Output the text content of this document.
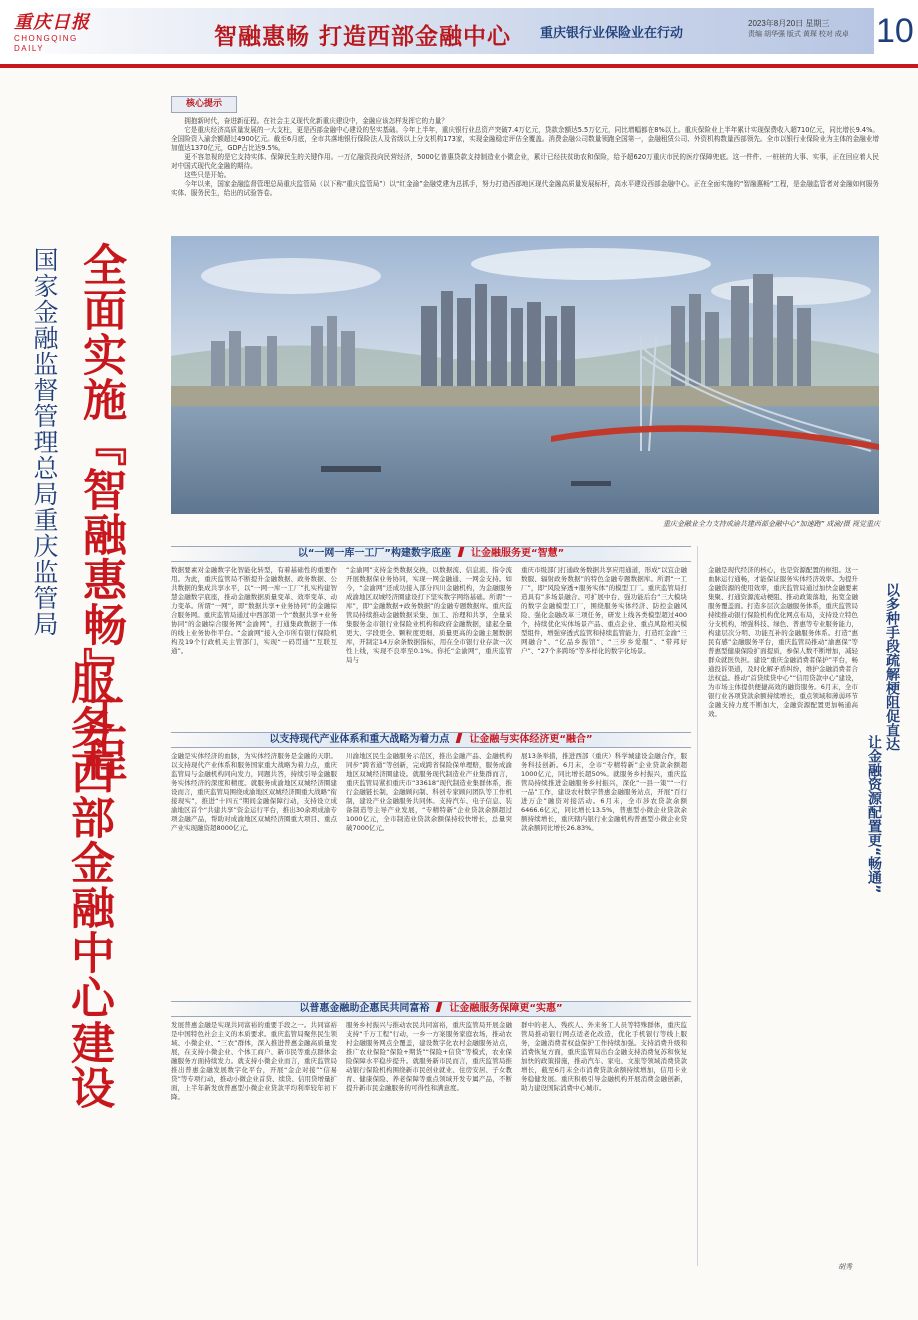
重庆日报
CHONGQING DAILY	智融惠畅 打造西部金融中心 重庆银行业保险业在行动
2023年8月20日 星期三
责编 胡华强 版式 黄琛 校对 成卓 10
全面实施『智融惠畅』工程
服务西部金融中心建设
国家金融监督管理总局重庆监管局
核心提示

拥抱新时代，奋进新征程。在社会主义现代化新重庆建设中，金融应该怎样发挥它的力量？

它是重庆经济高质量发展的一大支柱，更是西部金融中心建设的坚实基础。今年上半年，重庆银行业总资产突破7.4万亿元，贷款余额达5.5万亿元，同比增幅都在8%以上。重庆保险业上半年累计实现保费收入超710亿元，同比增长9.4%。全国险资入渝余额超过4900亿元。截至6月底，全市共落地银行保险法人及省级以上分支机构173家，实现金融稳定评估全覆盖。消费金融公司数量领跑全国第一，金融租赁公司、外资机构数量西部领先。全市以银行业保险业为主体的金融业增加值达1370亿元，GDP占比达9.5%。

更不容忽视的是它支持实体、保障民生的关键作用。一万亿融资投向民营经济，5000亿普惠贷款支持制造业小微企业，累计已经扶贫助农和保险，给予超620万重庆市民的医疗保障兜底。这一件件、一桩桩的大事、实事，正在回应着人民对中国式现代化金融的期待。

这些只是开始。

今年以来，国家金融监督管理总局重庆监管局（以下称“重庆监管局”）以“红金渝”金融党建为总抓手，努力打造西部地区现代金融高质量发展标杆，高水平建设西部金融中心。正在全面实施的“智融惠畅”工程，是金融监管者对金融如何服务实体、服务民生，给出的试验答卷。

重庆金融业全力支持成渝共建西部金融中心“加速跑” 成渝/摄 视觉重庆
以“一网一库一工厂”构建数字底座 让金融服务更“智慧”
数据要素对金融数字化智能化转型，有着基础性的重要作用。为此，重庆监管局不断提升金融数据、政务数据、公共数据的集成共享水平，以“一网一库一工厂”扎实构建智慧金融数字底座，推动金融数据质量变革、效率变革、动力变革。所谓“一网”，即“数据共享+业务协同”的金融综合服务网。重庆监管局通过中西部第一个“数据共享+业务协同”的金融综合服务网“金渝网”，打通集政数据于一体的线上业务协作平台。“金渝网”接入全市所有银行保险机构及19个行政机关主管部门，实现“一码贯通”“互联互通”。
“金渝网”支持金类数据交换，以数据流、信息流、指令流开展数据保业务协同，实现一网金融通、一网金支持。如今，“金渝网”还成功接入部分四川金融机构，为金融服务成渝地区双城经济圈建设打下坚实数字网络基础。所谓“一库”，即“金融数据+政务数据”的金融专题数据库。重庆监管局持续推动金融数据采集、加工、治理和共享，全量采集服务金市银行业保险业机构和政府金融数据，建起全量更大、字段更全、颗粒度更细、质量更高的金融主题数据库，开制定14万余条数据指标，用在全市银行业存款一次性上线，实现不良率至0.1%。你托“金渝网”，重庆监管局与
重庆市级部门打通政务数据共享应用通道，形成“以宜企融数服、辐射政务数据”的特色金融专题数据库。所谓“一工厂”，即“风险穿透+服务实体”的模型工厂。重庆监管局打造具有“多场景融合、可扩展中台、强功能后台”三大模块的数字金融模型工厂，围绕服务实体经济、防控金融风险、强化金融改革三项任务，研发上线各类模型超过400个，持续优化实体场景产品、重点企业、重点风险相关模型组件，增强穿透式监管和持续监管能力，打造红金渝“三网融合”、“亿品乡振馆”、“三步乡爱服”、“带邦好户”、“27个多跨场”等多样化的数字化场景。
以支持现代产业体系和重大战略为着力点 让金融与实体经济更“融合”
金融是实体经济的血脉，为实体经济服务是金融的天职。以支持现代产业体系和服务国家重大战略为着力点，重庆监管局与金融机构同向发力，同题共答，持续引导金融服务实体经济的深度和精度。就服务成渝地区双城经济圈建设而言，重庆监管局围绕成渝地区双城经济圈重大战略“衔接现实”，推进“十四五”期间金融保障行动，支持设立成渝地区首个“共建共享”资金运行平台，推出30余项成渝专项金融产品，帮助对成渝地区双城经济圈重大项目、重点产业实现融资超8000亿元。
川渝地区民生金融服务示范区，推出金融产品、金融机构同步“跨省通”等创新，完成跨省保险保单理赔，服务成渝地区双城经济圈建设。就服务现代制造业产业集群而言，重庆监管局紧扣重庆市“33618”现代制造业集群体系，推行金融链长制，金融顾问制、科创专家顾问团队等工作机制，建设产业金融服务共同体。支持汽车、电子信息、装备制造等主导产业发展，“专精特新”企业贷款余额超过1000亿元，全市制造业贷款余额保持较快增长，总量突破7000亿元。
展13条举措，推进西部（重庆）科学城建设金融合作，服务科技创新。6月末，全市“专精特新”企业贷款余额超1000亿元，同比增长超50%。就服务乡村振兴，重庆监管局持续推进金融服务乡村振兴，深化“一县一策”“一行一品”工作，建设农村数字普惠金融服务站点，开展“百行进万企”融资对接活动。6月末，全市涉农贷款余额6466.6亿元，同比增长13.5%，普惠型小微企业贷款余额持续增长，重庆辖内银行业金融机构普惠型小微企业贷款余额同比增长26.83%。
以普惠金融助企惠民共同富裕 让金融服务保障更“实惠”
发展普惠金融是实现共同富裕的重要手段之一。共同富裕是中国特色社会主义的本质要求。重庆监管局聚焦民生领域、小微企业、“三农”群体，深入推进普惠金融高质量发展，在支持小微企业、个体工商户、新市民等重点群体金融服务方面持续发力。就支持小微企业而言，重庆监管局推出普惠金融发展数字化平台，开展“金企对接”“信易贷”等专项行动，推动小微企业首贷、续贷、信用贷增量扩面，上半年新发放普惠型小微企业贷款平均利率较年初下降。
服务乡村振兴与推动农民共同富裕，重庆监管局开展金融支持“千万工程”行动，一乡一方案服务家庭农场，推动农村金融服务网点全覆盖，建设数字化农村金融服务站点，推广农业保险“保险+期货”“保险+信贷”等模式，农业保险保障水平稳步提升。就服务新市民而言，重庆监管局推动银行保险机构围绕新市民创业就业、住房安居、子女教育、健康保险、养老保障等重点领域开发专属产品，不断提升新市民金融服务的可得性和满意度。
群中的老人、残疾人、外来务工人员等特殊群体，重庆监管局推动银行网点适老化改造，优化手机银行等线上服务，金融消费者权益保护工作持续加强。支持消费升级和消费恢复方面，重庆监管局出台金融支持消费复苏和恢复加快的政策措施，推动汽车、家电、文旅等领域消费贷款增长，截至6月末全市消费贷款余额持续增加，信用卡业务稳健发展。重庆积极引导金融机构开展消费金融创新，助力建设国际消费中心城市。
以多种手段疏解梗阻促直达
让金融资源配置更“畅通”
金融是现代经济的核心，也是资源配置的枢纽。这一血脉运行通畅，才能保证服务实体经济效率。为提升金融资源的使用效率，重庆监管局通过加快金融要素集聚、打通资源流动梗阻、推动政策落地，拓宽金融服务覆盖面。打造多层次金融服务体系，重庆监管局持续推动银行保险机构优化网点布局，支持设立特色分支机构，增强科技、绿色、普惠等专业服务能力，构建层次分明、功能互补的金融服务体系。打造“惠民有感”金融服务平台，重庆监管局推动“渝惠保”等普惠型健康保险扩面提质，参保人数不断增加，减轻群众就医负担。建设“重庆金融消费者保护”平台，畅通投诉渠道，及时化解矛盾纠纷，维护金融消费者合法权益。推动“首贷续贷中心”“信用贷款中心”建设，为市场主体提供便捷高效的融资服务。6月末，全市银行业各项贷款余额持续增长，重点领域和薄弱环节金融支持力度不断加大，金融资源配置更加畅通高效。
胡秀
